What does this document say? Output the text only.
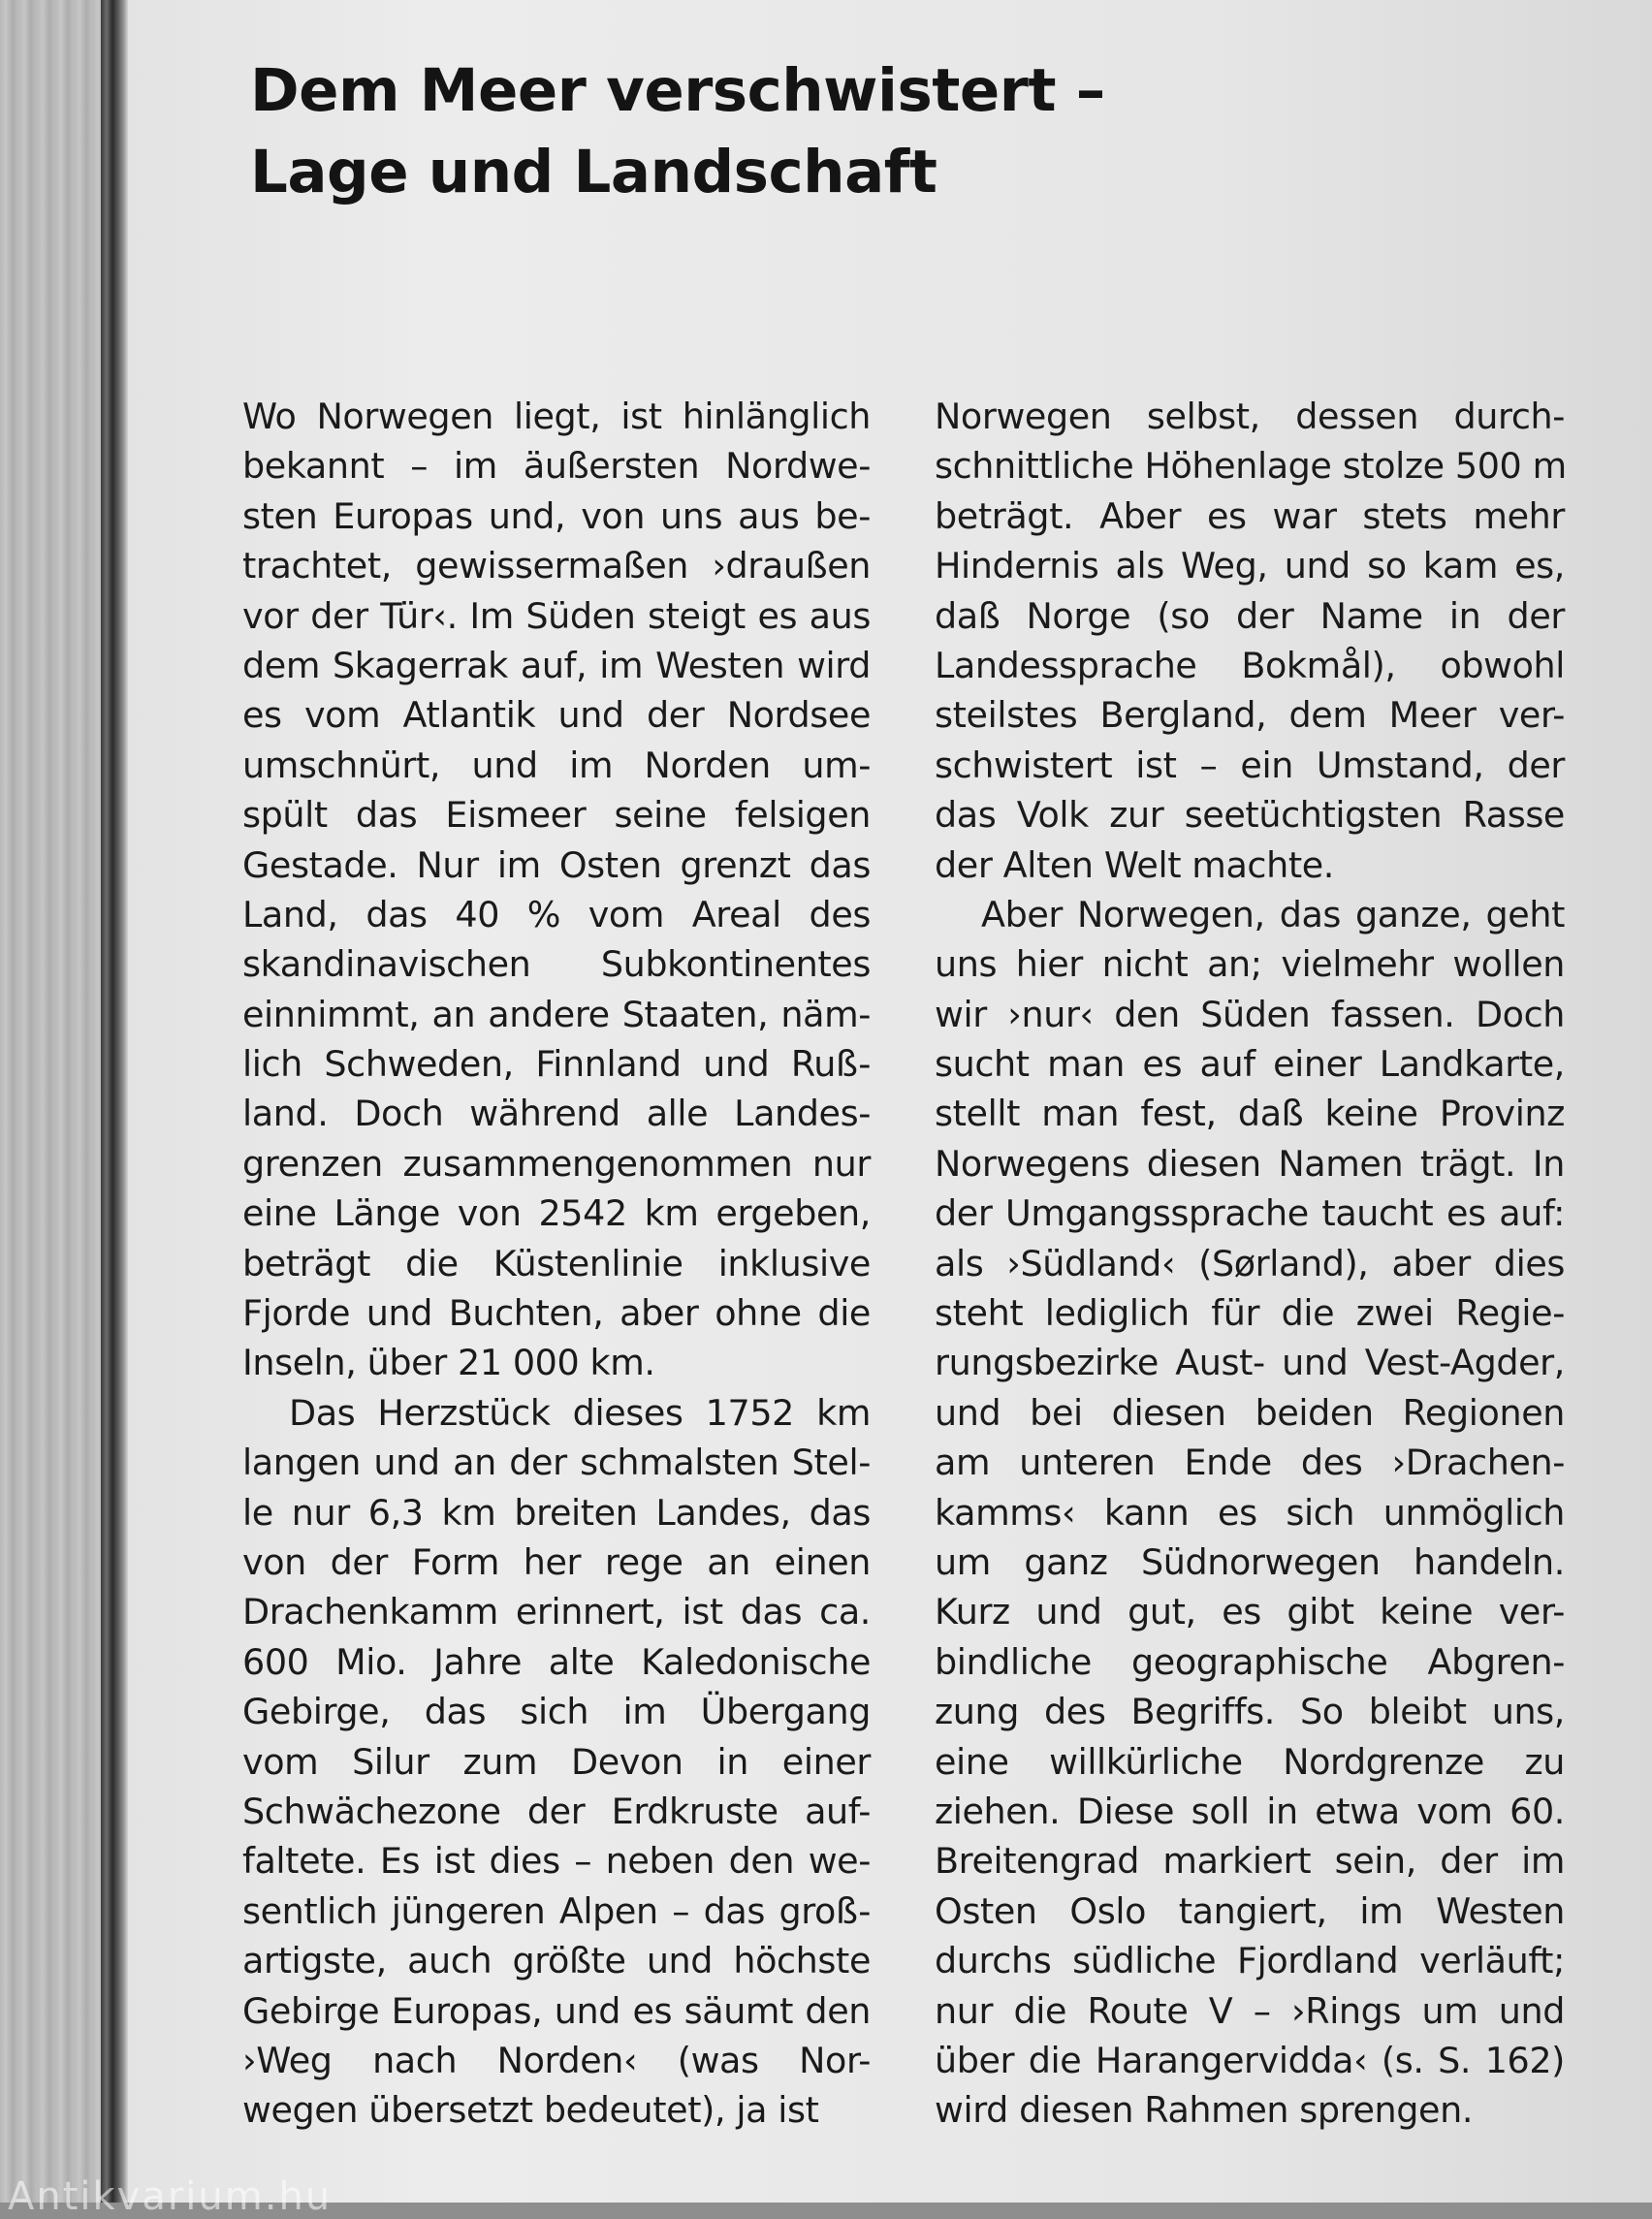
Dem Meer verschwistert –
Lage und Landschaft
Wo Norwegen liegt, ist hinlänglich
bekannt – im äußersten Nordwe-
sten Europas und, von uns aus be-
trachtet, gewissermaßen ›draußen
vor der Tür‹. Im Süden steigt es aus
dem Skagerrak auf, im Westen wird
es vom Atlantik und der Nordsee
umschnürt, und im Norden um-
spült das Eismeer seine felsigen
Gestade. Nur im Osten grenzt das
Land, das 40 % vom Areal des
skandinavischen Subkontinentes
einnimmt, an andere Staaten, näm-
lich Schweden, Finnland und Ruß-
land. Doch während alle Landes-
grenzen zusammengenommen nur
eine Länge von 2542 km ergeben,
beträgt die Küstenlinie inklusive
Fjorde und Buchten, aber ohne die
Inseln, über 21 000 km.
Das Herzstück dieses 1752 km
langen und an der schmalsten Stel-
le nur 6,3 km breiten Landes, das
von der Form her rege an einen
Drachenkamm erinnert, ist das ca.
600 Mio. Jahre alte Kaledonische
Gebirge, das sich im Übergang
vom Silur zum Devon in einer
Schwächezone der Erdkruste auf-
faltete. Es ist dies – neben den we-
sentlich jüngeren Alpen – das groß-
artigste, auch größte und höchste
Gebirge Europas, und es säumt den
›Weg nach Norden‹ (was Nor-
wegen übersetzt bedeutet), ja ist
Norwegen selbst, dessen durch-
schnittliche Höhenlage stolze 500 m
beträgt. Aber es war stets mehr
Hindernis als Weg, und so kam es,
daß Norge (so der Name in der
Landessprache Bokmål), obwohl
steilstes Bergland, dem Meer ver-
schwistert ist – ein Umstand, der
das Volk zur seetüchtigsten Rasse
der Alten Welt machte.
Aber Norwegen, das ganze, geht
uns hier nicht an; vielmehr wollen
wir ›nur‹ den Süden fassen. Doch
sucht man es auf einer Landkarte,
stellt man fest, daß keine Provinz
Norwegens diesen Namen trägt. In
der Umgangssprache taucht es auf:
als ›Südland‹ (Sørland), aber dies
steht lediglich für die zwei Regie-
rungsbezirke Aust- und Vest-Agder,
und bei diesen beiden Regionen
am unteren Ende des ›Drachen-
kamms‹ kann es sich unmöglich
um ganz Südnorwegen handeln.
Kurz und gut, es gibt keine ver-
bindliche geographische Abgren-
zung des Begriffs. So bleibt uns,
eine willkürliche Nordgrenze zu
ziehen. Diese soll in etwa vom 60.
Breitengrad markiert sein, der im
Osten Oslo tangiert, im Westen
durchs südliche Fjordland verläuft;
nur die Route V – ›Rings um und
über die Harangervidda‹ (s. S. 162)
wird diesen Rahmen sprengen.
Antikvarium.hu
